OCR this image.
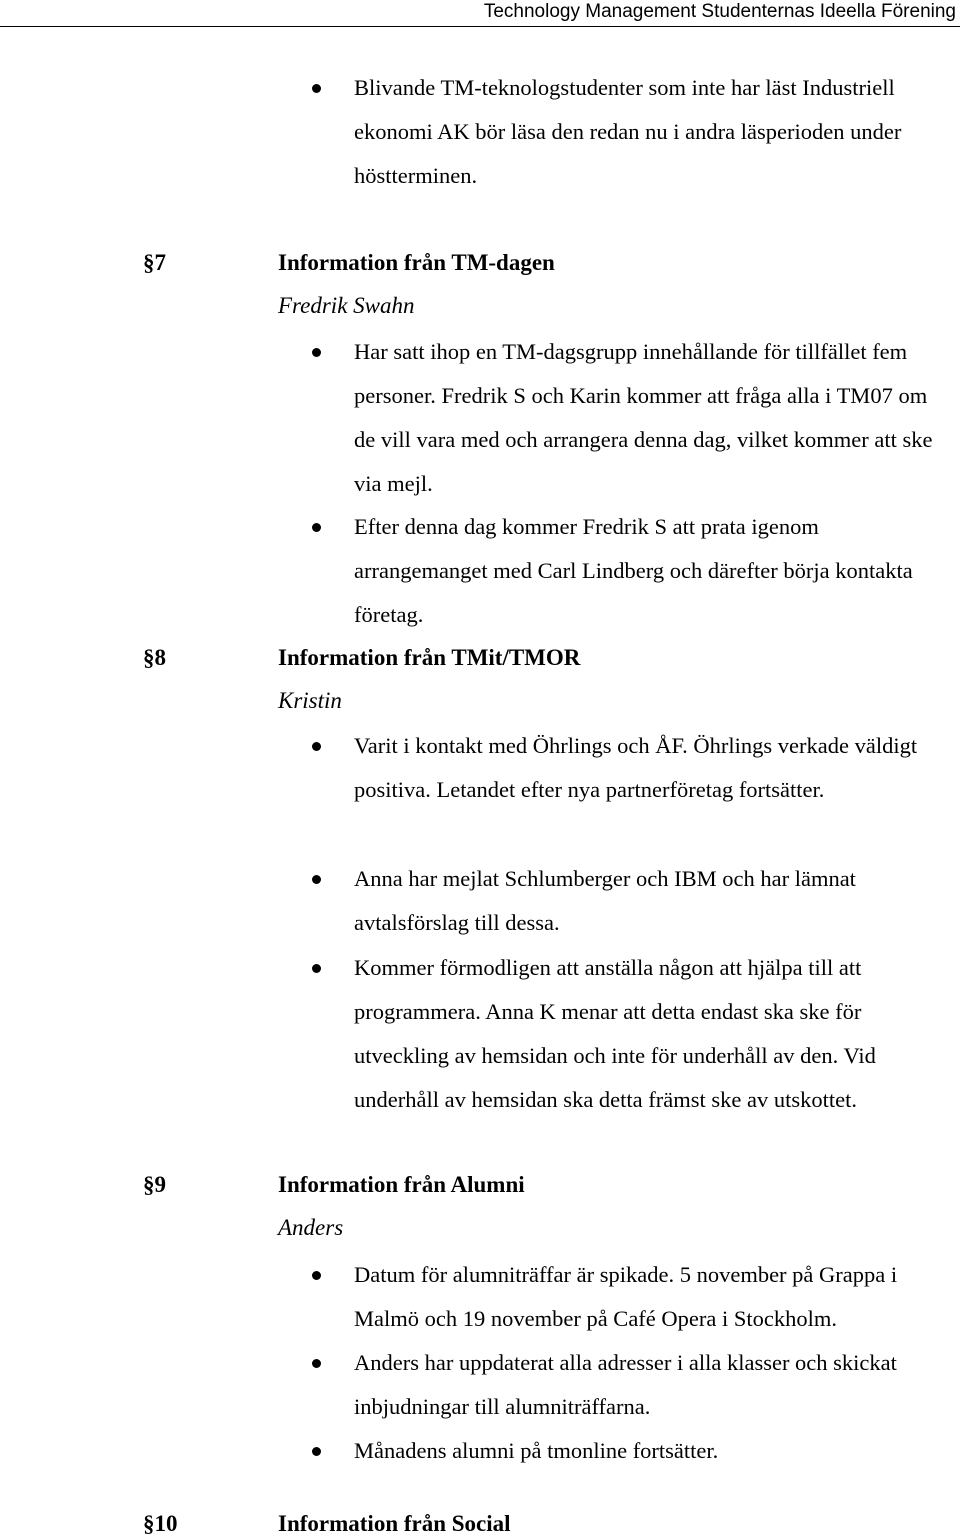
Technology Management Studenternas Ideella Förening
Blivande TM-teknologstudenter som inte har läst Industriell ekonomi AK bör läsa den redan nu i andra läsperioden under höstterminen.
§7	Information från TM-dagen
Fredrik Swahn
Har satt ihop en TM-dagsgrupp innehållande för tillfället fem personer. Fredrik S och Karin kommer att fråga alla i TM07 om de vill vara med och arrangera denna dag, vilket kommer att ske via mejl.
Efter denna dag kommer Fredrik S att prata igenom arrangemanget med Carl Lindberg och därefter börja kontakta företag.
§8	Information från TMit/TMOR
Kristin
Varit i kontakt med Öhrlings och ÅF. Öhrlings verkade väldigt positiva. Letandet efter nya partnerföretag fortsätter.
Anna har mejlat Schlumberger och IBM och har lämnat avtalsförslag till dessa.
Kommer förmodligen att anställa någon att hjälpa till att programmera. Anna K menar att detta endast ska ske för utveckling av hemsidan och inte för underhåll av den. Vid underhåll av hemsidan ska detta främst ske av utskottet.
§9	Information från Alumni
Anders
Datum för alumniträffar är spikade. 5 november på Grappa i Malmö och 19 november på Café Opera i Stockholm.
Anders har uppdaterat alla adresser i alla klasser och skickat inbjudningar till alumniträffarna.
Månadens alumni på tmonline fortsätter.
§10	Information från Social
